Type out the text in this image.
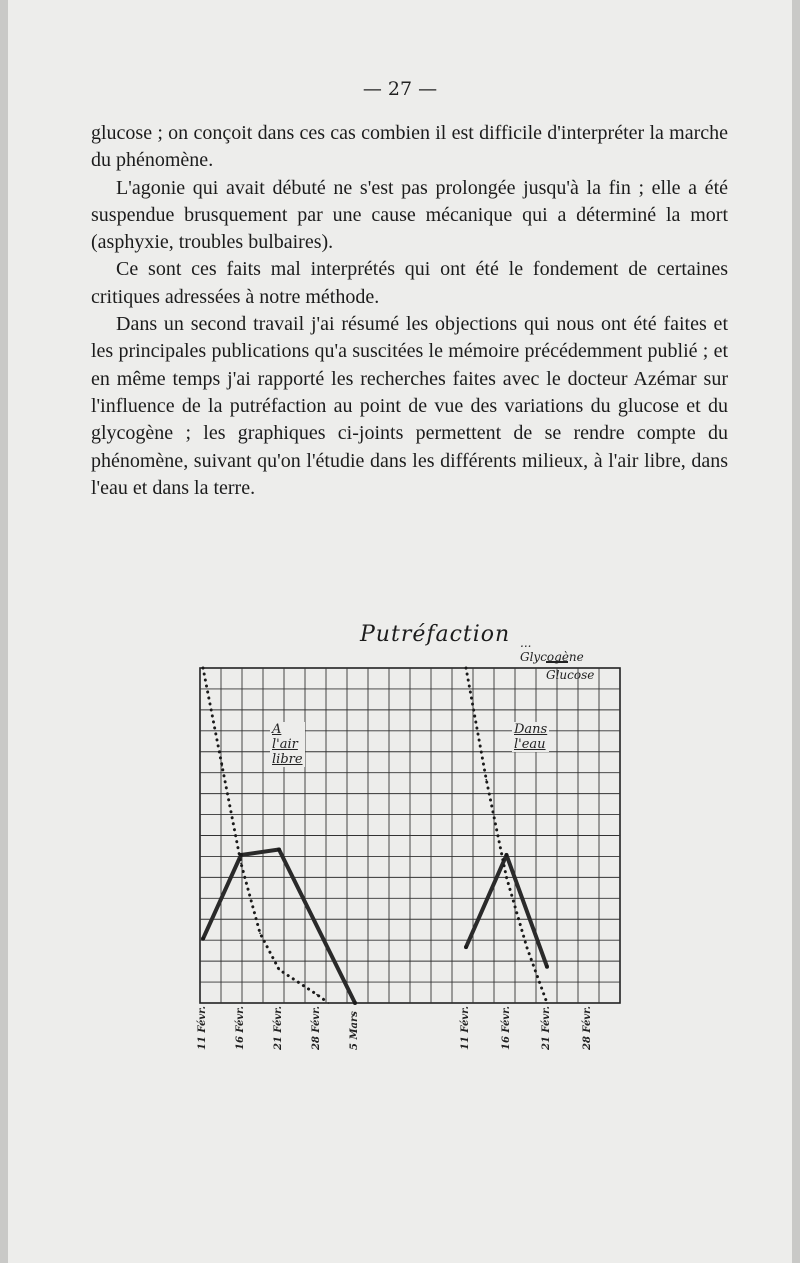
— 27 —

glucose ; on conçoit dans ces cas combien il est difficile d'interpréter la marche du phénomène.

L'agonie qui avait débuté ne s'est pas prolongée jusqu'à la fin ; elle a été suspendue brusquement par une cause mécanique qui a déterminé la mort (asphyxie, troubles bulbaires).

Ce sont ces faits mal interprétés qui ont été le fondement de certaines critiques adressées à notre méthode.

Dans un second travail j'ai résumé les objections qui nous ont été faites et les principales publications qu'a suscitées le mémoire précédemment publié ; et en même temps j'ai rapporté les recherches faites avec le docteur Azémar sur l'influence de la putréfaction au point de vue des variations du glucose et du glycogène ; les graphiques ci-joints permettent de se rendre compte du phénomène, suivant qu'on l'étudie dans les différents milieux, à l'air libre, dans l'eau et dans la terre.

Putréfaction ... Glycogène
Glucose
A l'air libre
Dans l'eau
11 Févr.	16 Févr.	21 Févr.	28 Févr.	5 Mars	11 Févr.	16 Févr.	21 Févr.	28 Févr.
